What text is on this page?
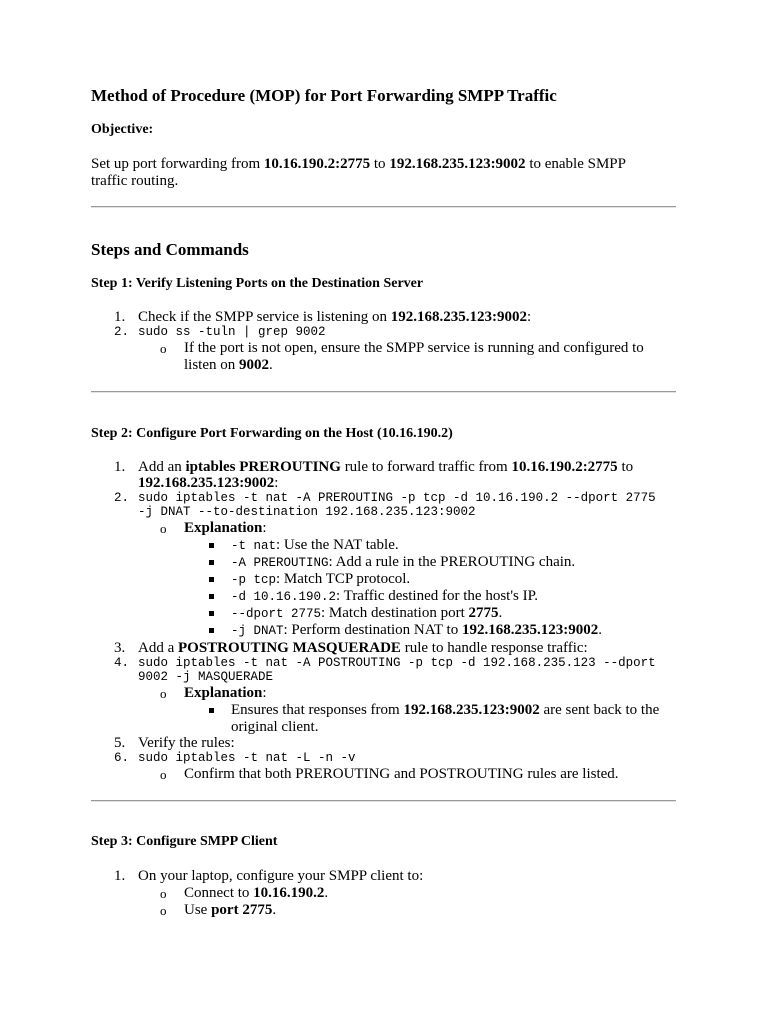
Method of Procedure (MOP) for Port Forwarding SMPP Traffic
Objective:
Set up port forwarding from 10.16.190.2:2775 to 192.168.235.123:9002 to enable SMPP
traffic routing.
Steps and Commands
Step 1: Verify Listening Ports on the Destination Server
1. Check if the SMPP service is listening on 192.168.235.123:9002:
2. sudo ss -tuln | grep 9002
o If the port is not open, ensure the SMPP service is running and configured to
listen on 9002.
Step 2: Configure Port Forwarding on the Host (10.16.190.2)
1. Add an iptables PREROUTING rule to forward traffic from 10.16.190.2:2775 to
192.168.235.123:9002:
2. sudo iptables -t nat -A PREROUTING -p tcp -d 10.16.190.2 --dport 2775
-j DNAT --to-destination 192.168.235.123:9002
o Explanation:
-t nat: Use the NAT table.
-A PREROUTING: Add a rule in the PREROUTING chain.
-p tcp: Match TCP protocol.
-d 10.16.190.2: Traffic destined for the host's IP.
--dport 2775: Match destination port 2775.
-j DNAT: Perform destination NAT to 192.168.235.123:9002.
3. Add a POSTROUTING MASQUERADE rule to handle response traffic:
4. sudo iptables -t nat -A POSTROUTING -p tcp -d 192.168.235.123 --dport
9002 -j MASQUERADE
o Explanation:
Ensures that responses from 192.168.235.123:9002 are sent back to the
original client.
5. Verify the rules:
6. sudo iptables -t nat -L -n -v
o Confirm that both PREROUTING and POSTROUTING rules are listed.
Step 3: Configure SMPP Client
1. On your laptop, configure your SMPP client to:
o Connect to 10.16.190.2.
o Use port 2775.
